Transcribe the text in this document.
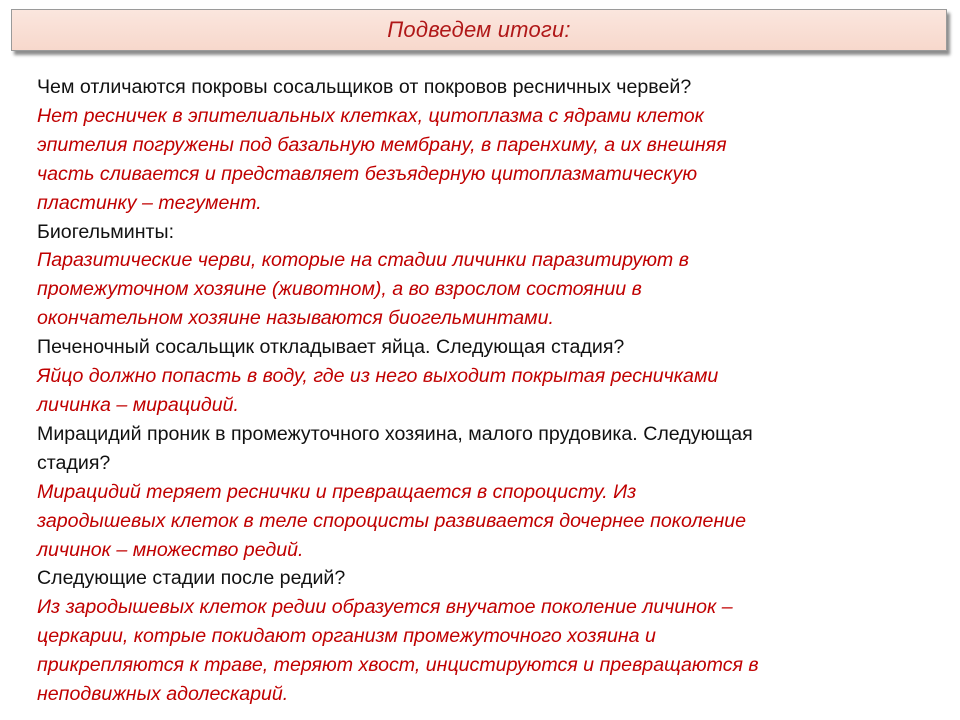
Подведем итоги:

Чем отличаются покровы сосальщиков от покровов ресничных червей?

Нет ресничек в эпителиальных клетках, цитоплазма с ядрами клеток

эпителия погружены под базальную мембрану, в паренхиму, а их внешняя

часть сливается и представляет безъядерную цитоплазматическую

пластинку – тегумент.

Биогельминты:

Паразитические черви, которые на стадии личинки паразитируют в

промежуточном хозяине (животном), а во взрослом состоянии в

окончательном хозяине называются биогельминтами.

Печеночный сосальщик откладывает яйца. Следующая стадия?

Яйцо должно попасть в воду, где из него выходит покрытая ресничками

личинка – мирацидий.

Мирацидий проник в промежуточного хозяина, малого прудовика. Следующая

стадия?

Мирацидий теряет реснички и превращается в спороцисту. Из

зародышевых клеток в теле спороцисты развивается дочернее поколение

личинок – множество редий.

Следующие стадии после редий?

Из зародышевых клеток редии образуется внучатое поколение личинок –

церкарии, котрые покидают организм промежуточного хозяина и

прикрепляются к траве, теряют хвост, инцистируются и превращаются в

неподвижных адолескарий.
